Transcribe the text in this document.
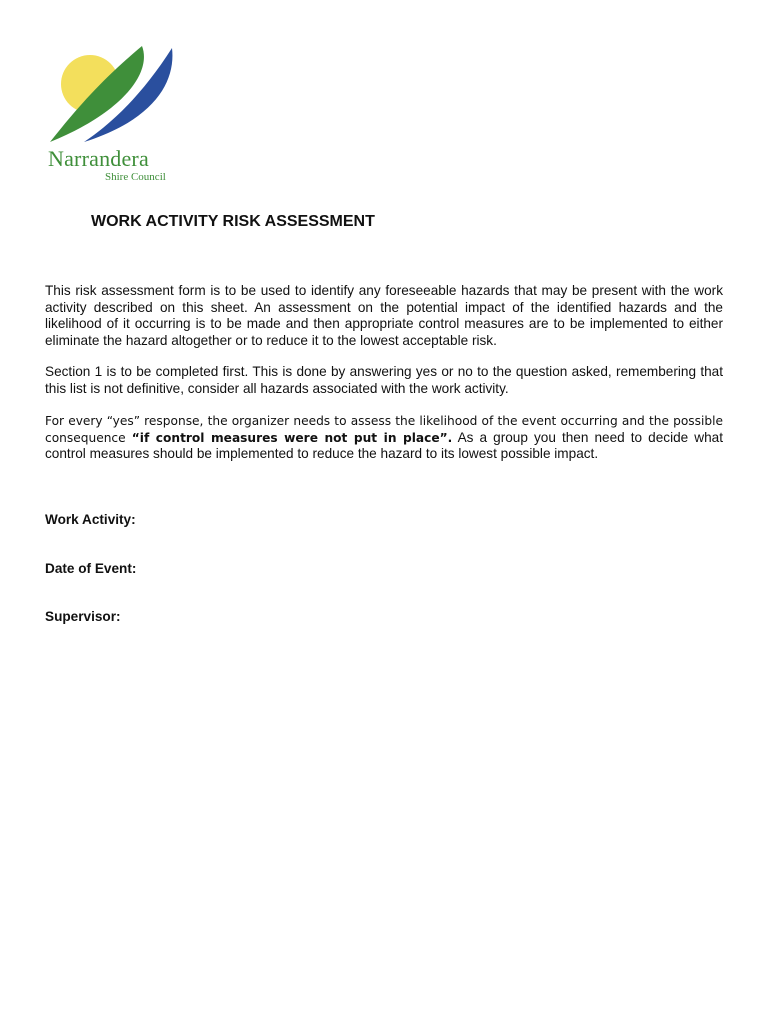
Narrandera
Shire Council
WORK ACTIVITY RISK ASSESSMENT

This risk assessment form is to be used to identify any foreseeable hazards that may be present with the work activity described on this sheet. An assessment on the potential impact of the identified hazards and the likelihood of it occurring is to be made and then appropriate control measures are to be implemented to either eliminate the hazard altogether or to reduce it to the lowest acceptable risk.

Section 1 is to be completed first. This is done by answering yes or no to the question asked, remembering that this list is not definitive, consider all hazards associated with the work activity.

For every “yes” response, the organizer needs to assess the likelihood of the event occurring and the possible consequence “if control measures were not put in place”. As a group you then need to decide what control measures should be implemented to reduce the hazard to its lowest possible impact.

Work Activity:

Date of Event:

Supervisor:
